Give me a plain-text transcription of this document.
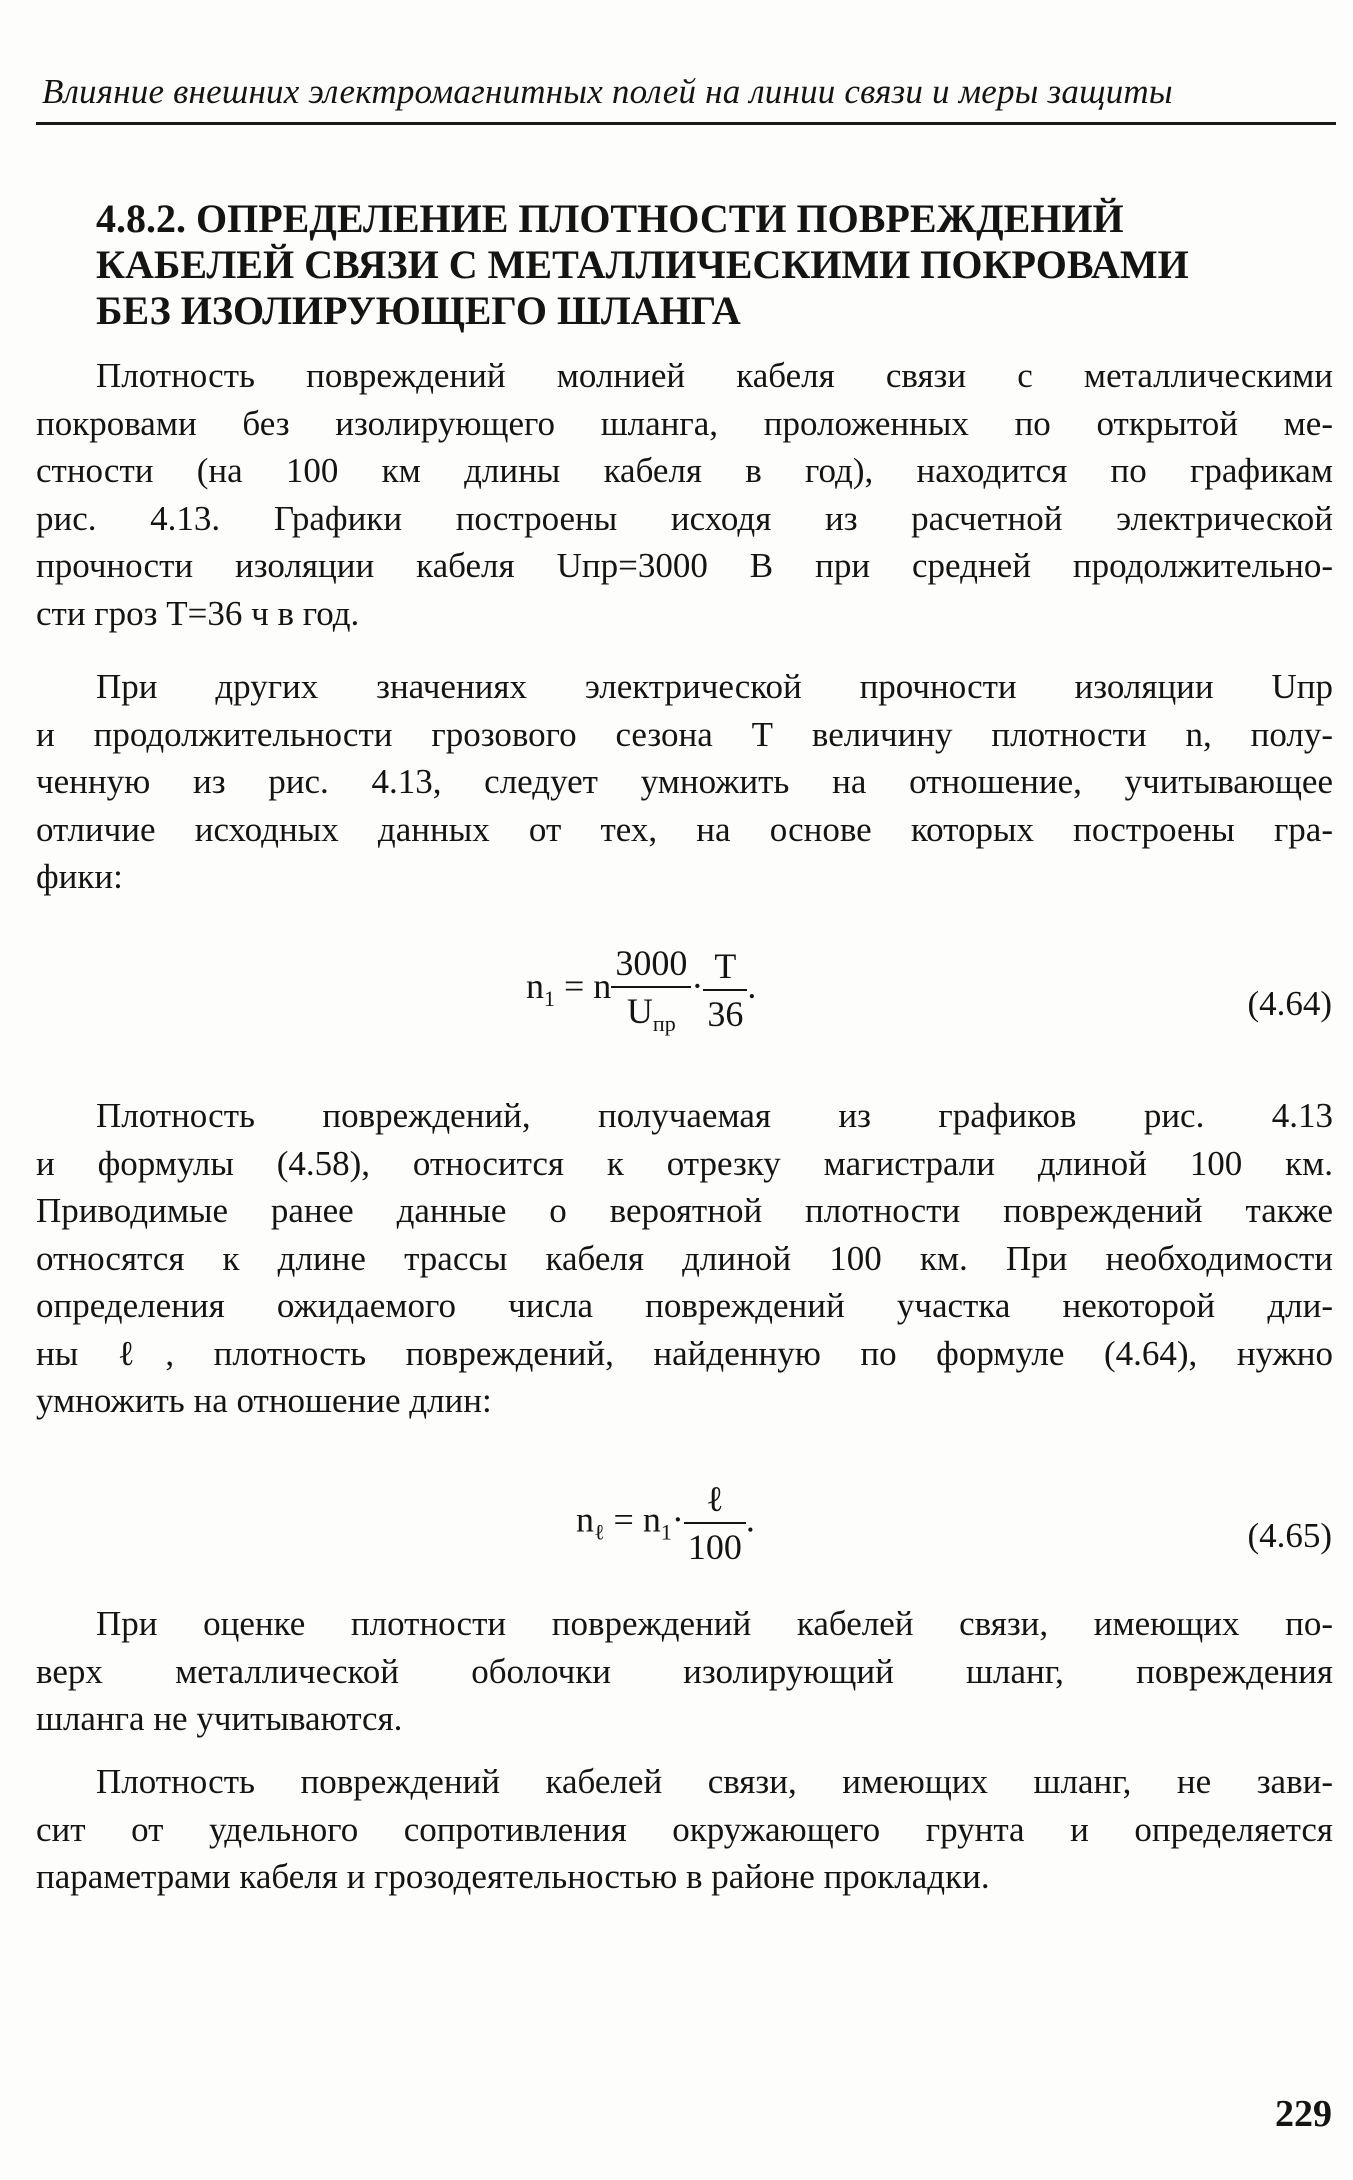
Влияние внешних электромагнитных полей на линии связи и меры защиты
4.8.2. ОПРЕДЕЛЕНИЕ ПЛОТНОСТИ ПОВРЕЖДЕНИЙ
КАБЕЛЕЙ СВЯЗИ С МЕТАЛЛИЧЕСКИМИ ПОКРОВАМИ
БЕЗ ИЗОЛИРУЮЩЕГО ШЛАНГА
Плотность повреждений молнией кабеля связи с металлическими
покровами без изолирующего шланга, проложенных по открытой ме-
стности (на 100 км длины кабеля в год), находится по графикам
рис. 4.13. Графики построены исходя из расчетной электрической
прочности изоляции кабеля Uпр=3000 В при средней продолжительно-
сти гроз Т=36 ч в год.
При других значениях электрической прочности изоляции Uпр
и продолжительности грозового сезона Т величину плотности n, полу-
ченную из рис. 4.13, следует умножить на отношение, учитывающее
отличие исходных данных от тех, на основе которых построены гра-
фики:
$n_1 = n \frac{3000}{U_{пр}} \cdot \frac{T}{36}$ .	(4.64)
Плотность повреждений, получаемая из графиков рис. 4.13
и формулы (4.58), относится к отрезку магистрали длиной 100 км.
Приводимые ранее данные о вероятной плотности повреждений также
относятся к длине трассы кабеля длиной 100 км. При необходимости
определения ожидаемого числа повреждений участка некоторой дли-
ны ℓ, плотность повреждений, найденную по формуле (4.64), нужно
умножить на отношение длин:
$n_\ell = n_1\cdot \frac{\text{ℓ}}{100}$ .	(4.65)
При оценке плотности повреждений кабелей связи, имеющих по-
верх металлической оболочки изолирующий шланг, повреждения
шланга не учитываются.
Плотность повреждений кабелей связи, имеющих шланг, не зави-
сит от удельного сопротивления окружающего грунта и определяется
параметрами кабеля и грозодеятельностью в районе прокладки.
229
